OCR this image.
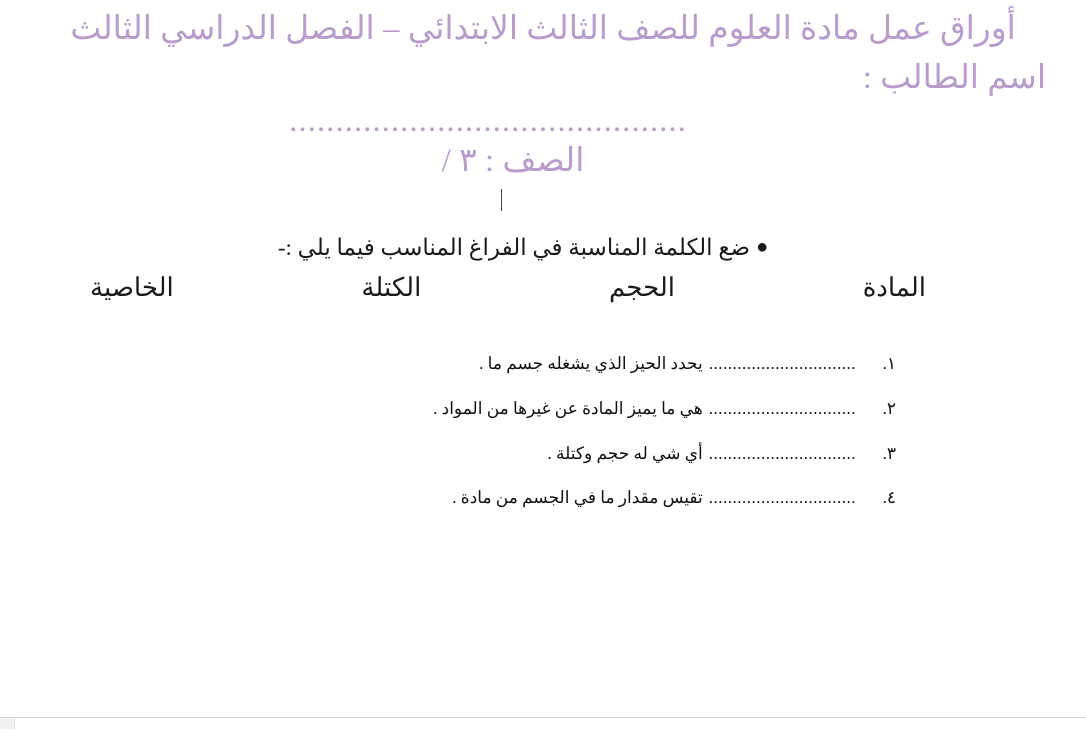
أوراق عمل مادة العلوم للصف الثالث الابتدائي – الفصل الدراسي الثالث
اسم الطالب :
...........................................
الصف : ٣ /
●ضع الكلمة المناسبة في الفراغ المناسب فيما يلي :-
المادة
الحجم
الكتلة
الخاصية
١.
...............................
يحدد الحيز الذي يشغله جسم ما .
٢.
...............................
هي ما يميز المادة عن غيرها من المواد .
٣.
...............................
أي شي له حجم وكتلة .
٤.
...............................
تقيس مقدار ما في الجسم من مادة .
